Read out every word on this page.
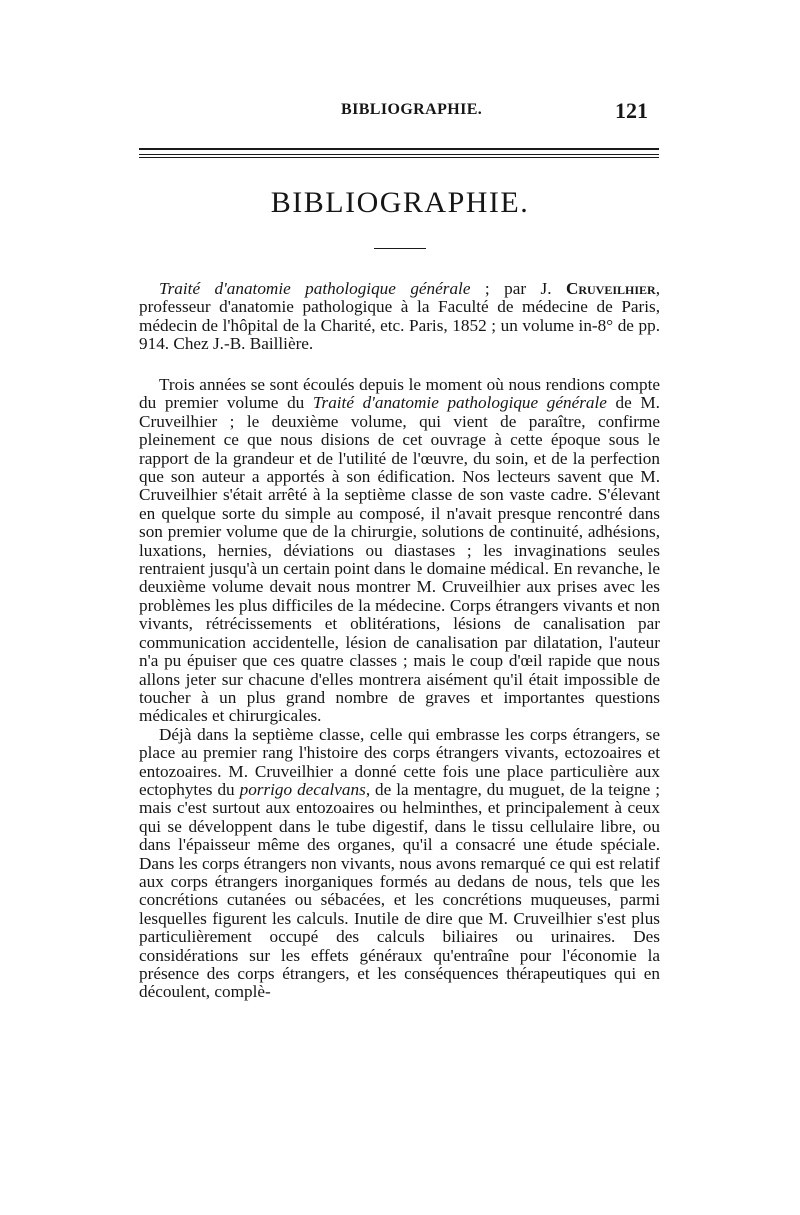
BIBLIOGRAPHIE.	121
BIBLIOGRAPHIE.
Traité d'anatomie pathologique générale ; par J. Cruveilhier, professeur d'anatomie pathologique à la Faculté de médecine de Paris, médecin de l'hôpital de la Charité, etc. Paris, 1852 ; un volume in-8° de pp. 914. Chez J.-B. Baillière.

Trois années se sont écoulés depuis le moment où nous rendions compte du premier volume du Traité d'anatomie pathologique générale de M. Cruveilhier ; le deuxième volume, qui vient de paraître, confirme pleinement ce que nous disions de cet ouvrage à cette époque sous le rapport de la grandeur et de l'utilité de l'œuvre, du soin, et de la perfection que son auteur a apportés à son édification. Nos lecteurs savent que M. Cruveilhier s'était arrêté à la septième classe de son vaste cadre. S'élevant en quelque sorte du simple au composé, il n'avait presque rencontré dans son premier volume que de la chirurgie, solutions de continuité, adhésions, luxations, hernies, déviations ou diastases ; les invaginations seules rentraient jusqu'à un certain point dans le domaine médical. En revanche, le deuxième volume devait nous montrer M. Cruveilhier aux prises avec les problèmes les plus difficiles de la médecine. Corps étrangers vivants et non vivants, rétrécissements et oblitérations, lésions de canalisation par communication accidentelle, lésion de canalisation par dilatation, l'auteur n'a pu épuiser que ces quatre classes ; mais le coup d'œil rapide que nous allons jeter sur chacune d'elles montrera aisément qu'il était impossible de toucher à un plus grand nombre de graves et importantes questions médicales et chirurgicales.

Déjà dans la septième classe, celle qui embrasse les corps étrangers, se place au premier rang l'histoire des corps étrangers vivants, ectozoaires et entozoaires. M. Cruveilhier a donné cette fois une place particulière aux ectophytes du porrigo decalvans, de la mentagre, du muguet, de la teigne ; mais c'est surtout aux entozoaires ou helminthes, et principalement à ceux qui se développent dans le tube digestif, dans le tissu cellulaire libre, ou dans l'épaisseur même des organes, qu'il a consacré une étude spéciale. Dans les corps étrangers non vivants, nous avons remarqué ce qui est relatif aux corps étrangers inorganiques formés au dedans de nous, tels que les concrétions cutanées ou sébacées, et les concrétions muqueuses, parmi lesquelles figurent les calculs. Inutile de dire que M. Cruveilhier s'est plus particulièrement occupé des calculs biliaires ou urinaires. Des considérations sur les effets généraux qu'entraîne pour l'économie la présence des corps étrangers, et les conséquences thérapeutiques qui en découlent, complè-
